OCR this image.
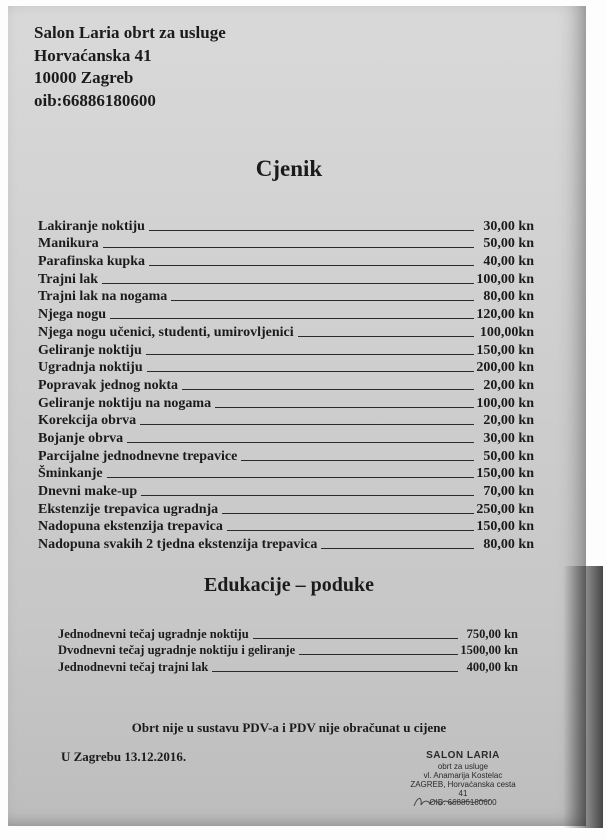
Salon Laria obrt za usluge
Horvaćanska 41
10000 Zagreb
oib:66886180600
Cjenik
Lakiranje noktiju	30,00 kn
Manikura	50,00 kn
Parafinska kupka	40,00 kn
Trajni lak	100,00 kn
Trajni lak na nogama	80,00 kn
Njega nogu	120,00 kn
Njega nogu učenici, studenti, umirovljenici	100,00kn
Geliranje noktiju	150,00 kn
Ugradnja noktiju	200,00 kn
Popravak jednog nokta	20,00 kn
Geliranje noktiju na nogama	100,00 kn
Korekcija obrva	20,00 kn
Bojanje obrva	30,00 kn
Parcijalne jednodnevne trepavice	50,00 kn
Šminkanje	150,00 kn
Dnevni make-up	70,00 kn
Ekstenzije trepavica ugradnja	250,00 kn
Nadopuna ekstenzija trepavica	150,00 kn
Nadopuna svakih 2 tjedna ekstenzija trepavica	80,00 kn
Edukacije – poduke
Jednodnevni tečaj ugradnje noktiju	750,00 kn
Dvodnevni tečaj ugradnje noktiju i geliranje	1500,00 kn
Jednodnevni tečaj trajni lak	400,00 kn
Obrt nije u sustavu PDV-a i PDV nije obračunat u cijene
U Zagrebu 13.12.2016.	SALON LARIA
obrt za usluge
vl. Anamarija Kostelac
ZAGREB, Horvaćanska cesta 41
OIB: 66886180600
